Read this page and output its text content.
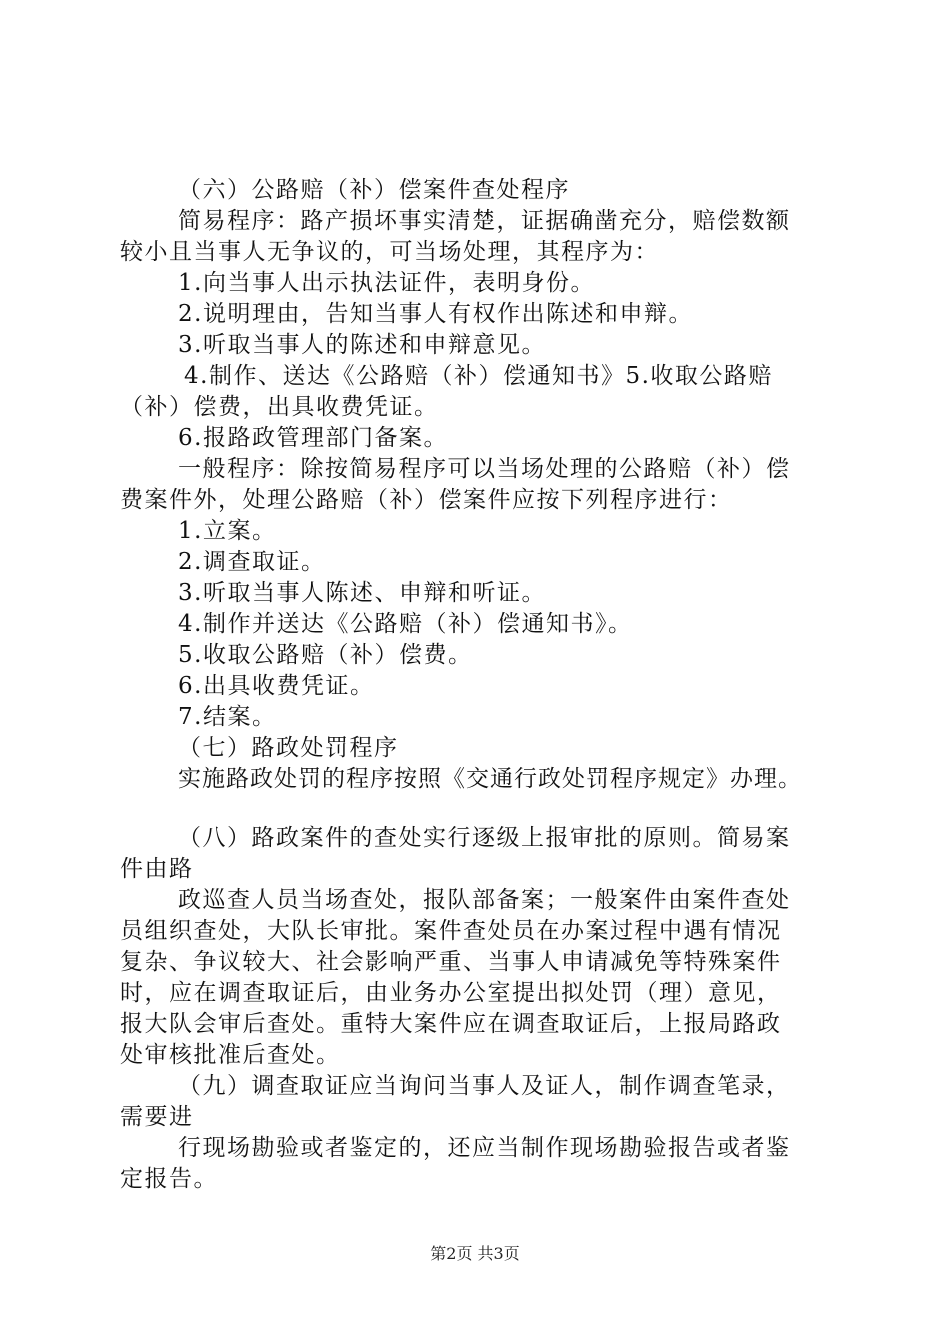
（六）公路赔（补）偿案件查处程序
简易程序：路产损坏事实清楚，证据确凿充分，赔偿数额
较小且当事人无争议的，可当场处理，其程序为：
1.向当事人出示执法证件，表明身份。
2.说明理由，告知当事人有权作出陈述和申辩。
3.听取当事人的陈述和申辩意见。
4.制作、送达《公路赔（补）偿通知书》5.收取公路赔
（补）偿费，出具收费凭证。
6.报路政管理部门备案。
一般程序：除按简易程序可以当场处理的公路赔（补）偿
费案件外，处理公路赔（补）偿案件应按下列程序进行：
1.立案。
2.调查取证。
3.听取当事人陈述、申辩和听证。
4.制作并送达《公路赔（补）偿通知书》。
5.收取公路赔（补）偿费。
6.出具收费凭证。
7.结案。
（七）路政处罚程序
实施路政处罚的程序按照《交通行政处罚程序规定》办理。
（八）路政案件的查处实行逐级上报审批的原则。简易案
件由路
政巡查人员当场查处，报队部备案；一般案件由案件查处
员组织查处，大队长审批。案件查处员在办案过程中遇有情况
复杂、争议较大、社会影响严重、当事人申请减免等特殊案件
时，应在调查取证后，由业务办公室提出拟处罚（理）意见，
报大队会审后查处。重特大案件应在调查取证后，上报局路政
处审核批准后查处。
（九）调查取证应当询问当事人及证人，制作调查笔录，
需要进
行现场勘验或者鉴定的，还应当制作现场勘验报告或者鉴
定报告。
第2页 共3页
